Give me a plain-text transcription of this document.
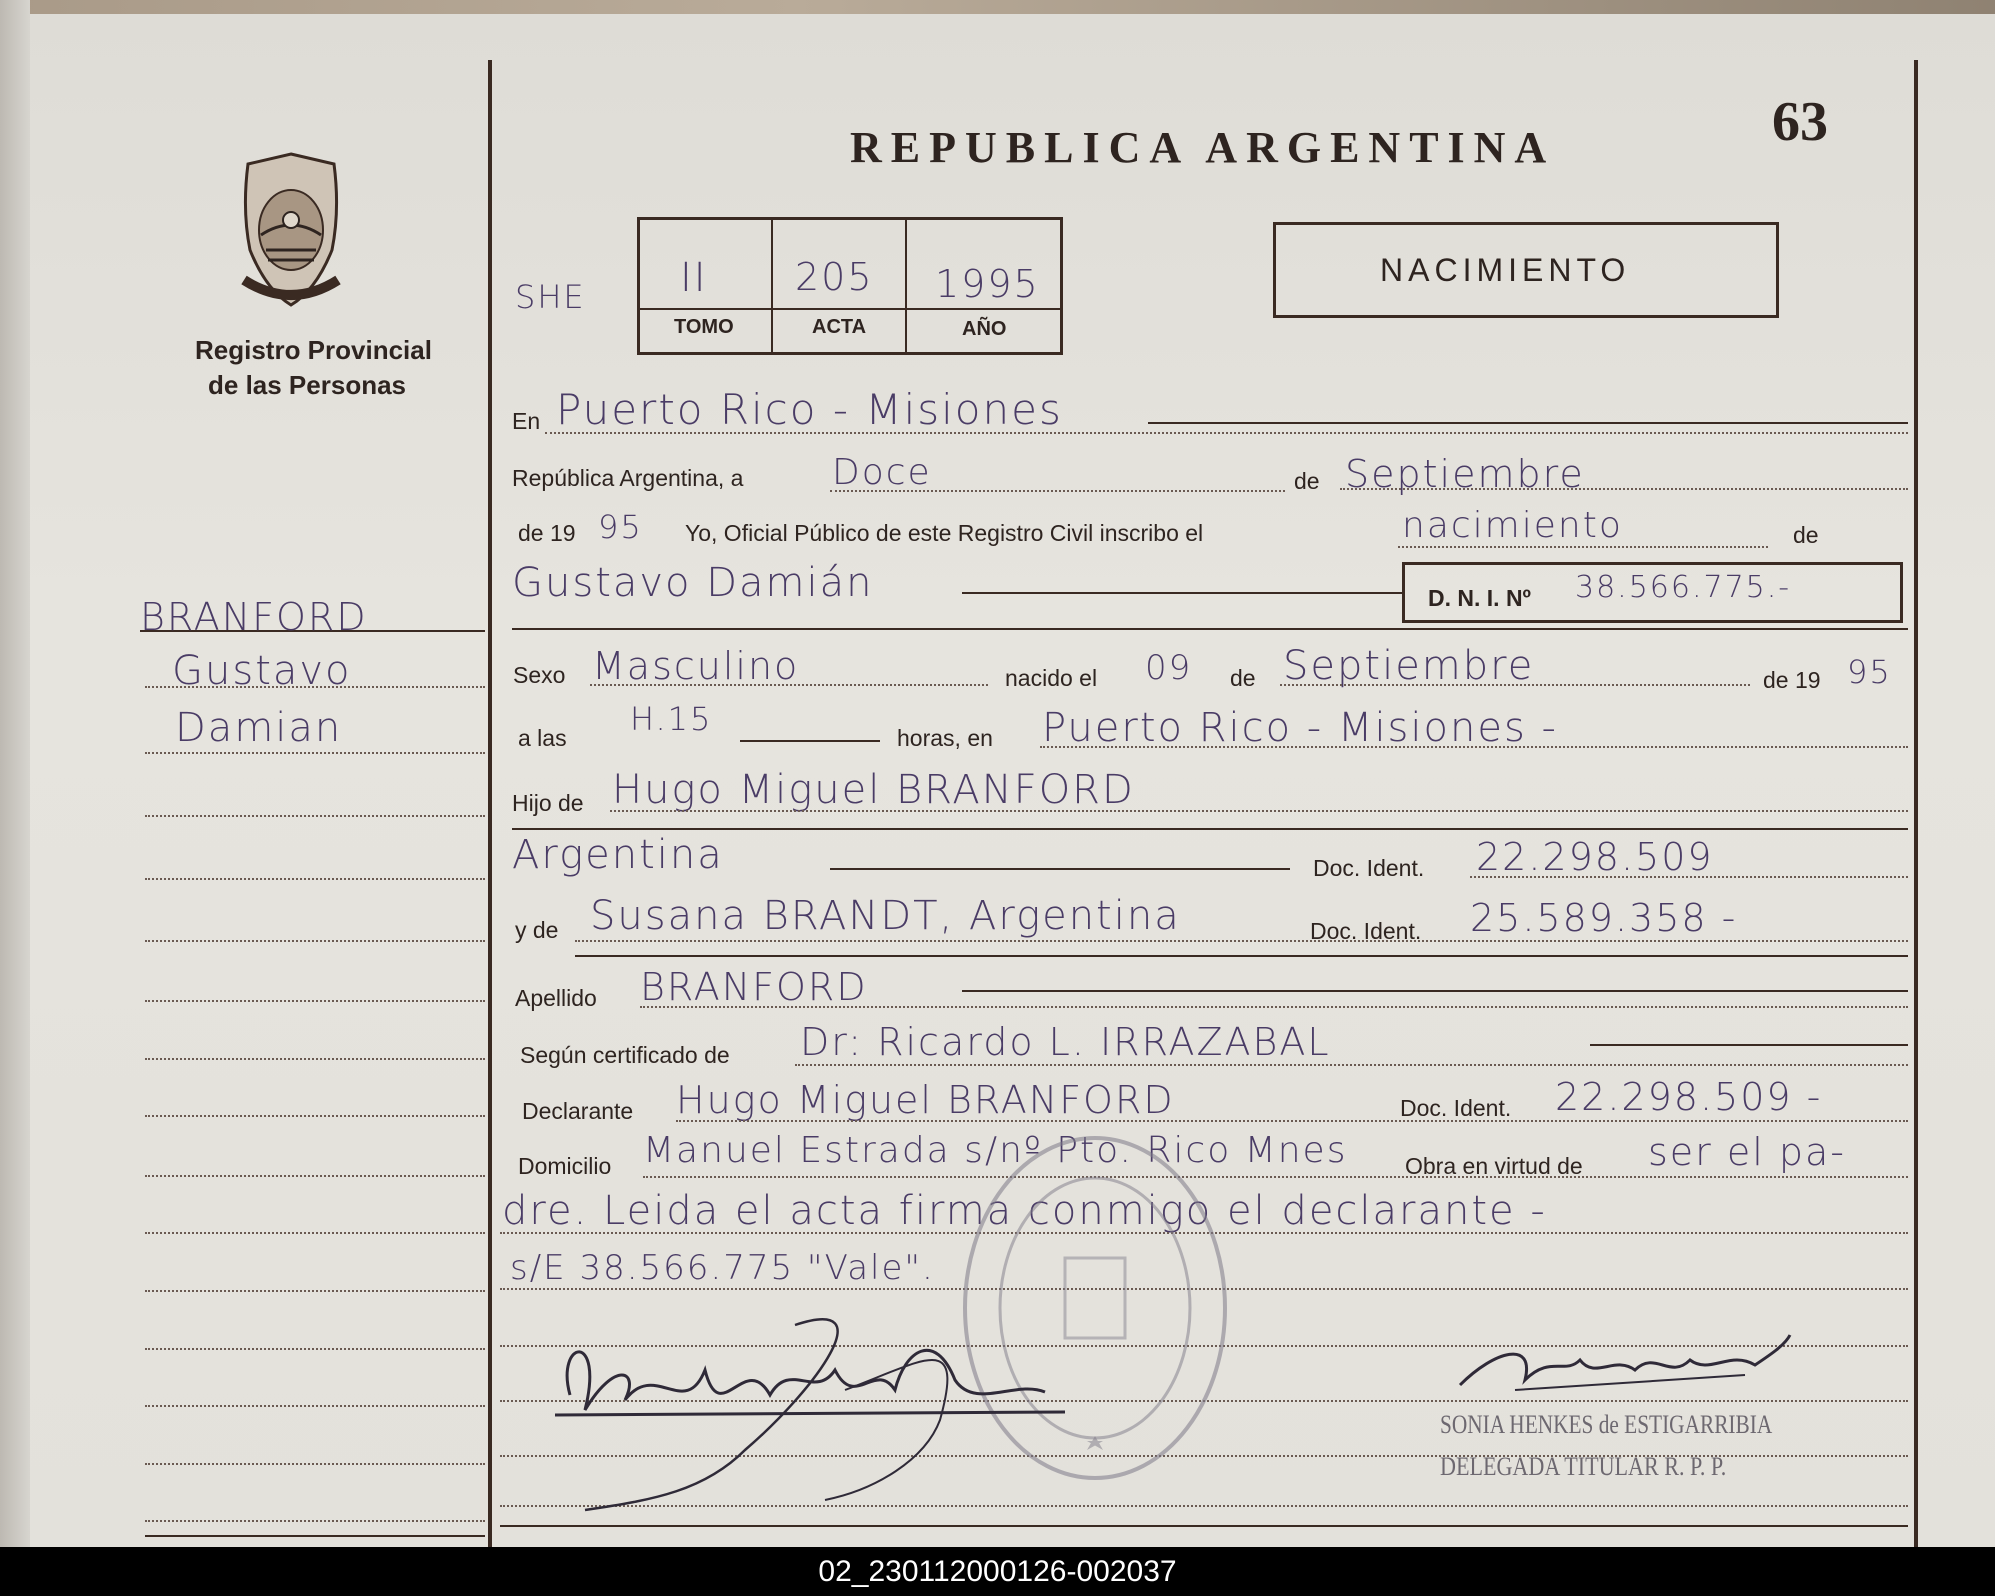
Registro Provincial
de las Personas
REPUBLICA ARGENTINA	63
NACIMIENTO
SHE II 205 1995
TOMO	ACTA	AÑO
BRANFORD
Gustavo
Damian
En Puerto Rico - Misiones
República Argentina, a Doce	de Septiembre
de 19 95 Yo, Oficial Público de este Registro Civil inscribo el	nacimiento	de
Gustavo Damián	D. N. I. Nº 38.566.775.-
Sexo Masculino	nacido el 09 de Septiembre	de 19 95
a las H.15	horas, en Puerto Rico - Misiones -
Hijo de Hugo Miguel BRANFORD
Argentina	Doc. Ident. 22.298.509
y de Susana BRANDT, Argentina	Doc. Ident. 25.589.358 -
Apellido BRANFORD
Según certificado de Dr: Ricardo L. IRRAZABAL
Declarante Hugo Miguel BRANFORD	Doc. Ident. 22.298.509 -
Domicilio Manuel Estrada s/nº Pto. Rico Mnes	Obra en virtud de ser el pa-
dre. Leida el acta firma conmigo el declarante -
s/E 38.566.775 "Vale".
SONIA HENKES de ESTIGARRIBIA
DELEGADA TITULAR R. P. P.
02_230112000126-002037
